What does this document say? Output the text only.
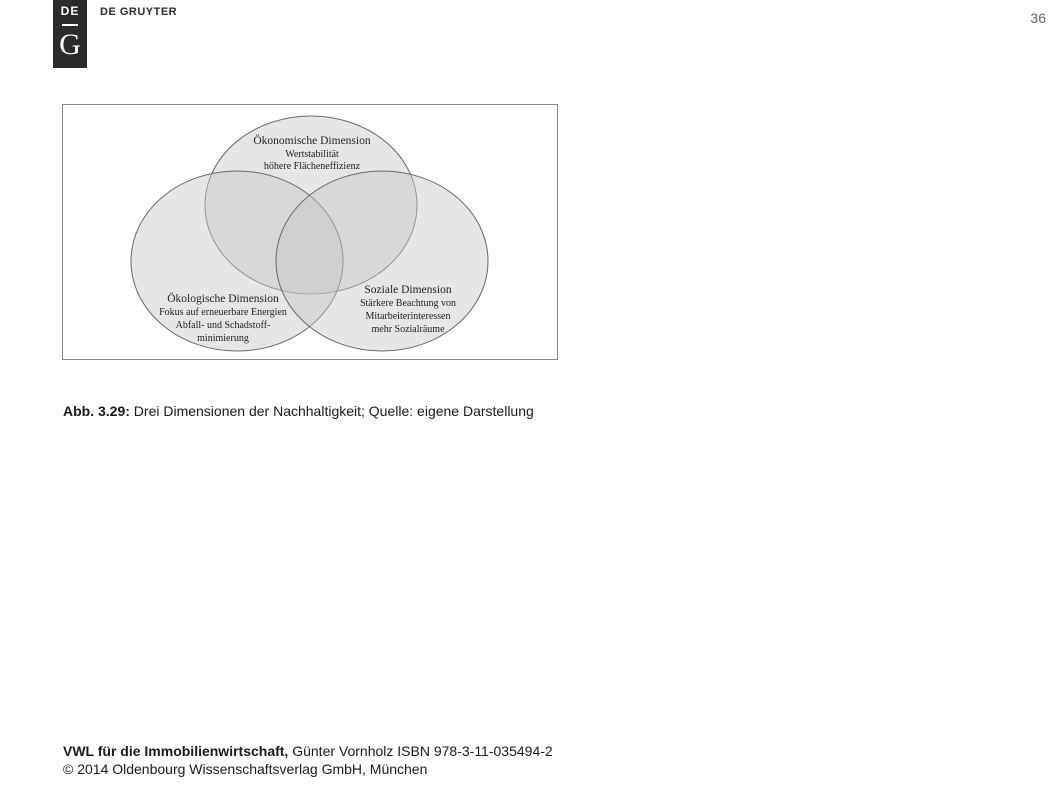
DE
G
DE GRUYTER	36
Ökonomische Dimension
Wertstabilität
höhere Flächeneffizienz
Ökologische Dimension
Fokus auf erneuerbare Energien
Abfall- und Schadstoff-
minimierung
Soziale Dimension
Stärkere Beachtung von
Mitarbeiterinteressen
mehr Sozialräume
Abb. 3.29: Drei Dimensionen der Nachhaltigkeit; Quelle: eigene Darstellung
VWL für die Immobilienwirtschaft, Günter Vornholz ISBN 978-3-11-035494-2
© 2014 Oldenbourg Wissenschaftsverlag GmbH, München
